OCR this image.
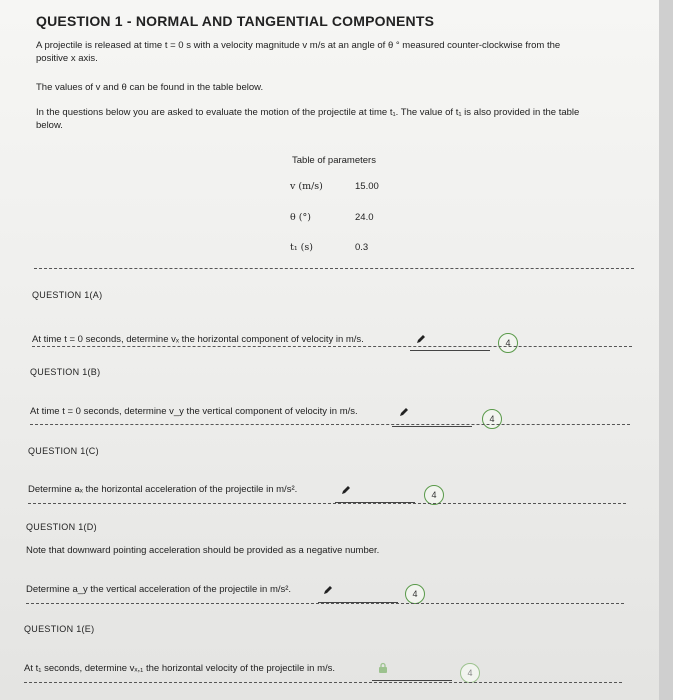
QUESTION 1 - NORMAL AND TANGENTIAL COMPONENTS
A projectile is released at time t = 0 s with a velocity magnitude v m/s at an angle of θ ° measured counter-clockwise from the
positive x axis.
The values of v and θ can be found in the table below.
In the questions below you are asked to evaluate the motion of the projectile at time t₁. The value of t₁ is also provided in the table
below.
Table of parameters
v (m/s)	15.00
θ (°)	24.0
t₁ (s)	0.3
QUESTION 1(A)
At time t = 0 seconds, determine vₓ the horizontal component of velocity in m/s.	4
QUESTION 1(B)
At time t = 0 seconds, determine v_y the vertical component of velocity in m/s.
4
QUESTION 1(C)
Determine aₓ the horizontal acceleration of the projectile in m/s².	4
QUESTION 1(D)
Note that downward pointing acceleration should be provided as a negative number.
Determine a_y the vertical acceleration of the projectile in m/s².	4
QUESTION 1(E)
At t₁ seconds, determine vₓ,₁ the horizontal velocity of the projectile in m/s.	4
